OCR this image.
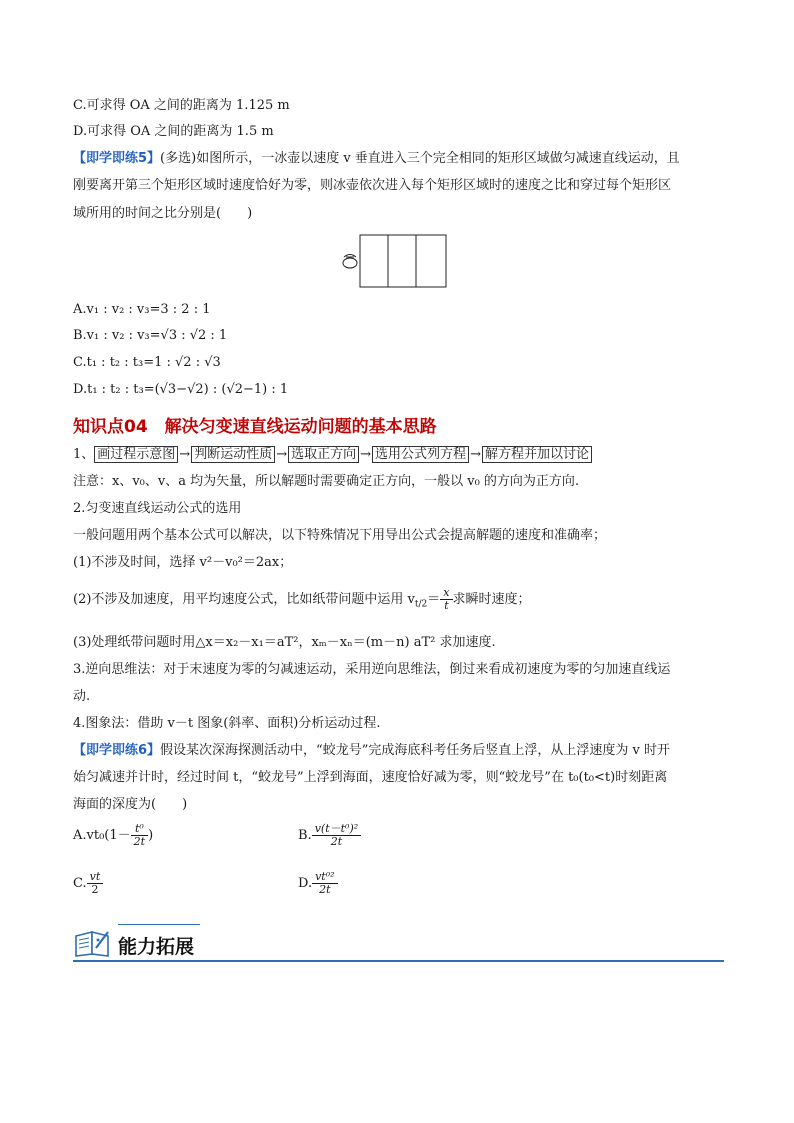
C.可求得 OA 之间的距离为 1.125 m
D.可求得 OA 之间的距离为 1.5 m
【即学即练5】(多选)如图所示，一冰壶以速度 v 垂直进入三个完全相同的矩形区域做匀减速直线运动，且
刚要离开第三个矩形区域时速度恰好为零，则冰壶依次进入每个矩形区域时的速度之比和穿过每个矩形区
域所用的时间之比分别是(　　)
A.v₁ : v₂ : v₃=3 : 2 : 1
B.v₁ : v₂ : v₃=√3 : √2 : 1
C.t₁ : t₂ : t₃=1 : √2 : √3
D.t₁ : t₂ : t₃=(√3−√2) : (√2−1) : 1
知识点04　解决匀变速直线运动问题的基本思路
1、 画过程示意图 → 判断运动性质 → 选取正方向 → 选用公式列方程 → 解方程并加以讨论
注意：x、v₀、v、a 均为矢量，所以解题时需要确定正方向，一般以 v₀ 的方向为正方向.
2.匀变速直线运动公式的选用
一般问题用两个基本公式可以解决，以下特殊情况下用导出公式会提高解题的速度和准确率；
(1)不涉及时间，选择 v²－v₀²＝2ax；
(2)不涉及加速度，用平均速度公式，比如纸带问题中运用 $v_{t/2}= \frac{x}{t}$ 求瞬时速度；
(3)处理纸带问题时用△x＝x₂－x₁＝aT²，xₘ－xₙ＝(m－n) aT² 求加速度.
3.逆向思维法：对于末速度为零的匀减速运动，采用逆向思维法，倒过来看成初速度为零的匀加速直线运
动.
4.图象法：借助 v－t 图象(斜率、面积)分析运动过程.
【即学即练6】假设某次深海探测活动中，“蛟龙号”完成海底科考任务后竖直上浮，从上浮速度为 v 时开
始匀减速并计时，经过时间 t，“蛟龙号”上浮到海面，速度恰好减为零，则“蛟龙号”在 t₀(t₀<t)时刻距离
海面的深度为(　　)
$A.vt_0(1- \frac{\text{t⁰}}{2t}$ )	B. $\frac{\text{v(t－t⁰)²}}{2t}$
C. $\frac{vt}{2}$	D. $\frac{\text{vt⁰²}}{2t}$
能力拓展
